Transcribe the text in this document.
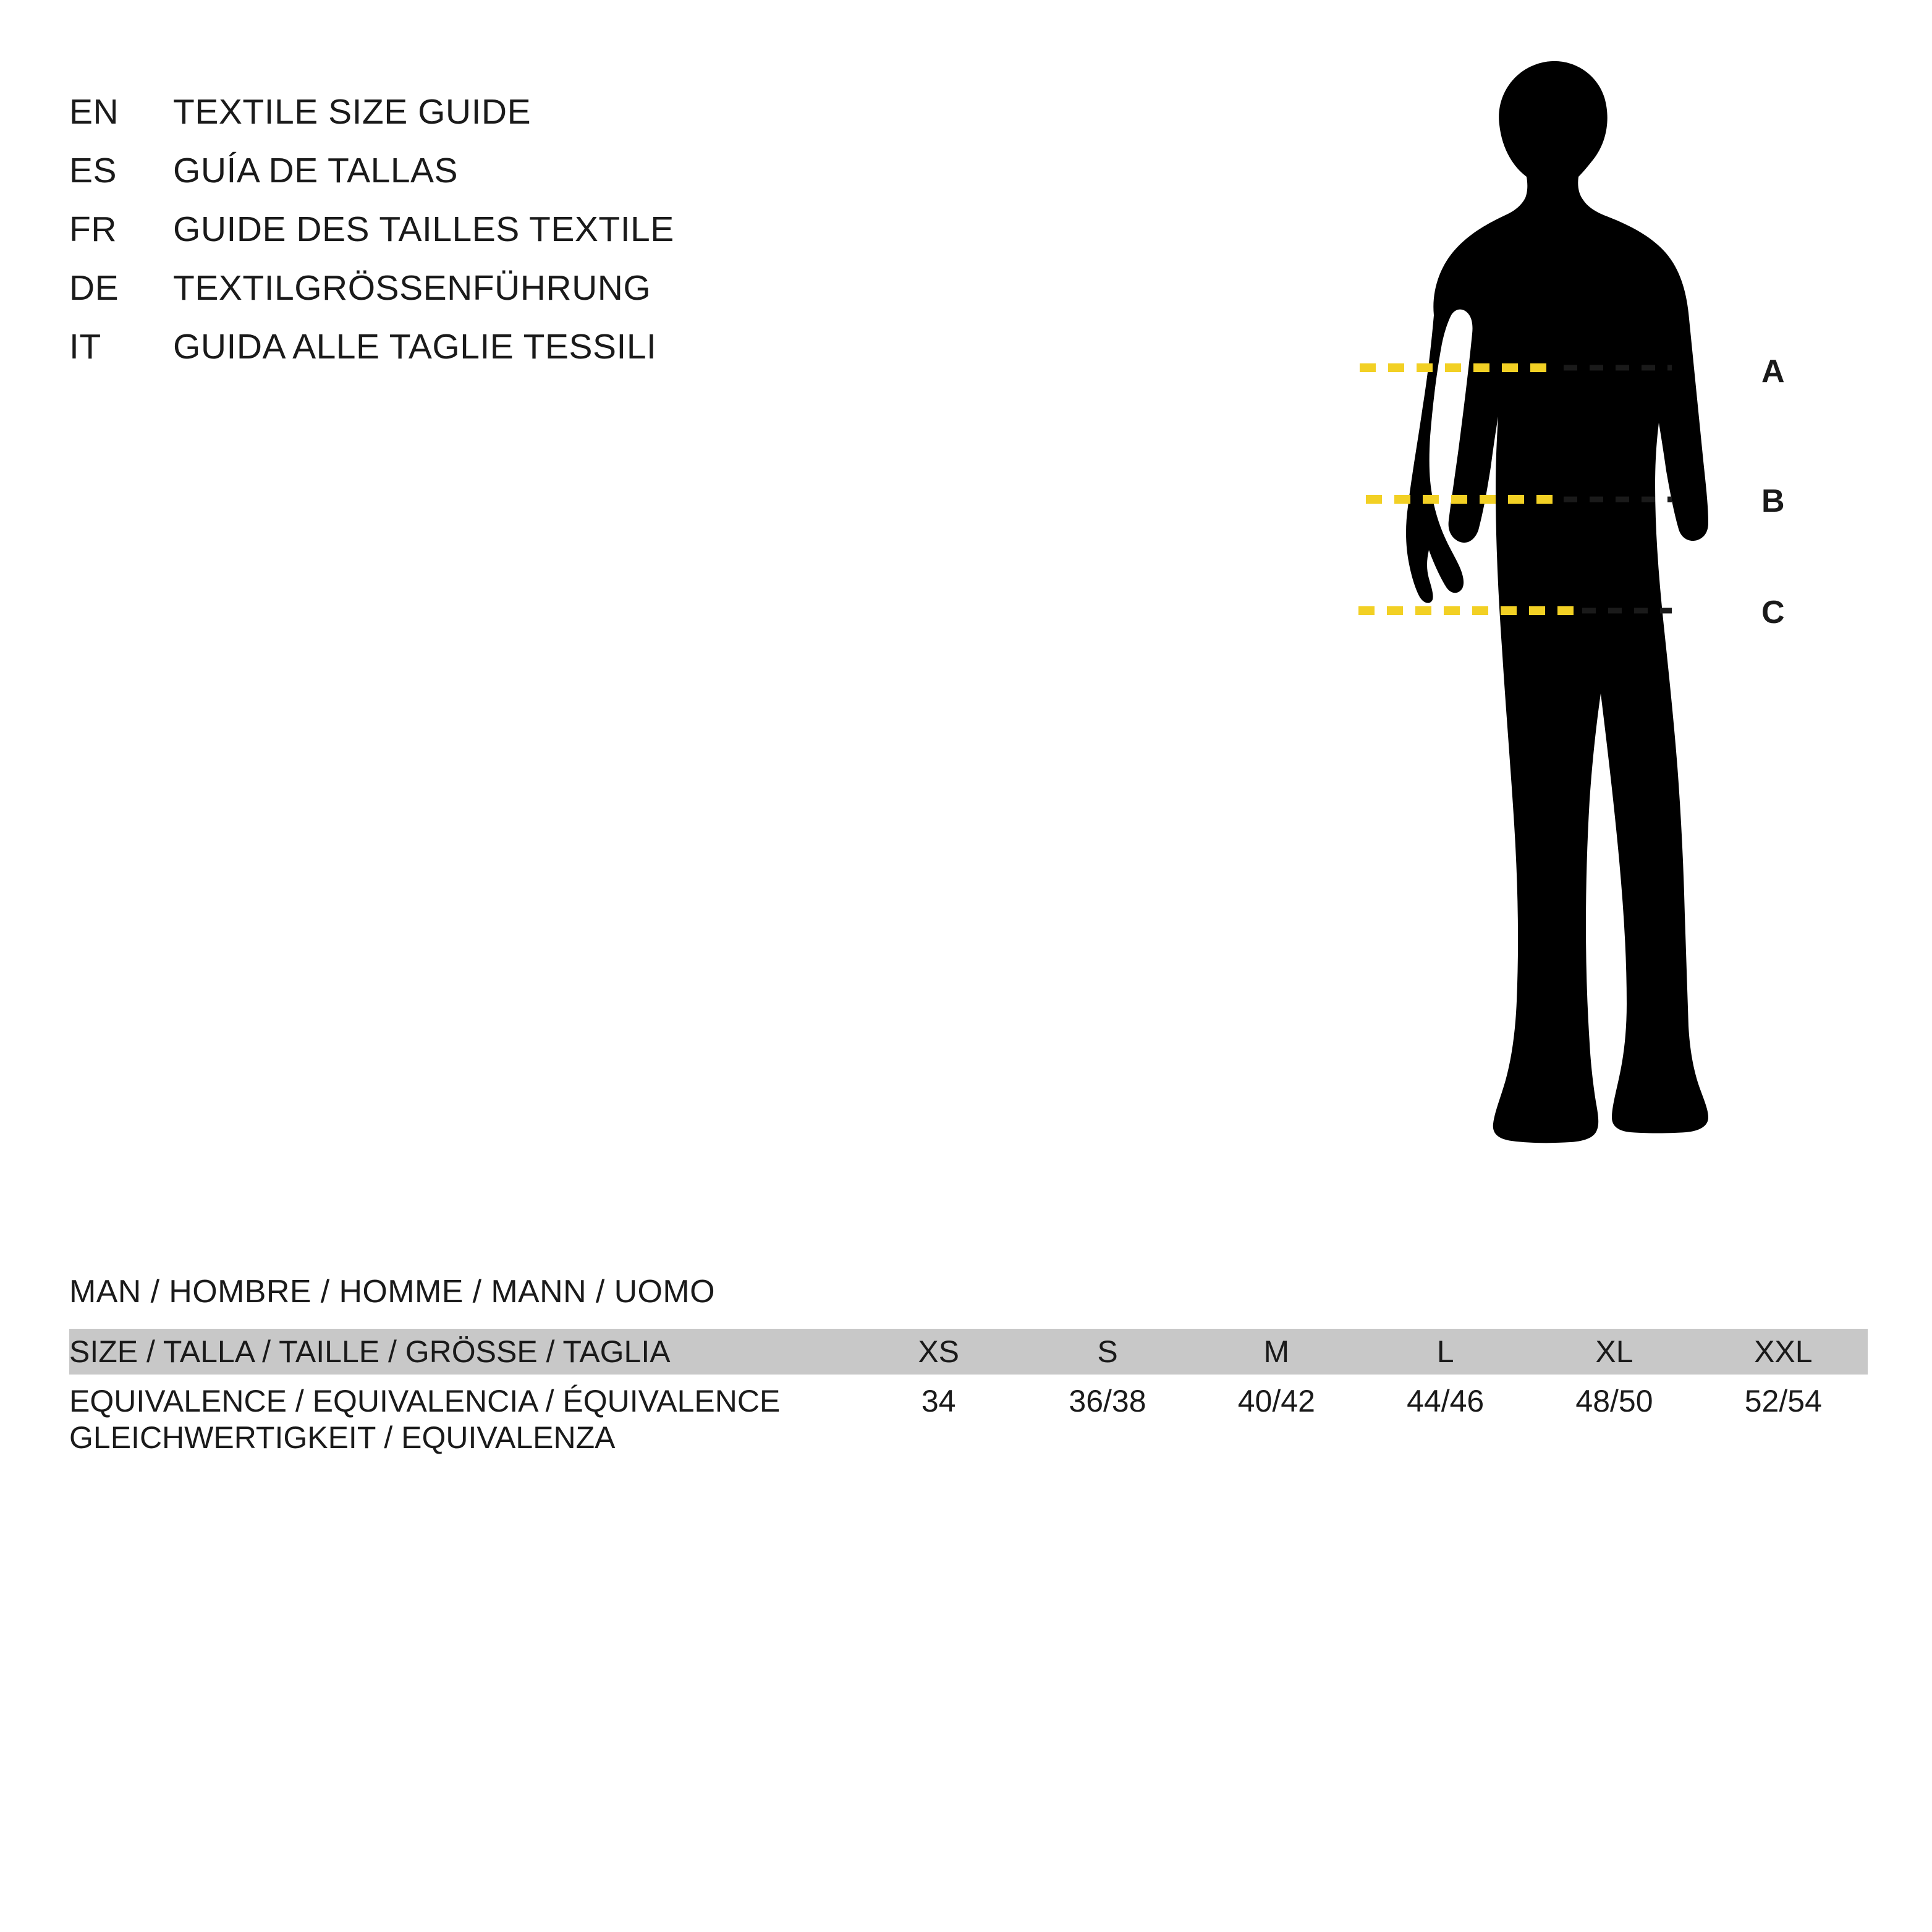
EN	TEXTILE SIZE GUIDE
ES	GUÍA DE TALLAS
FR	GUIDE DES TAILLES TEXTILE
DE	TEXTILGRÖSSENFÜHRUNG
IT	GUIDA ALLE TAGLIE TESSILI
A
B
C
MAN / HOMBRE / HOMME / MANN / UOMO
SIZE / TALLA / TAILLE / GRÖSSE / TAGLIA	XS	S	M	L	XL	XXL
EQUIVALENCE / EQUIVALENCIA / ÉQUIVALENCE
GLEICHWERTIGKEIT / EQUIVALENZA	34	36/38	40/42	44/46	48/50	52/54
